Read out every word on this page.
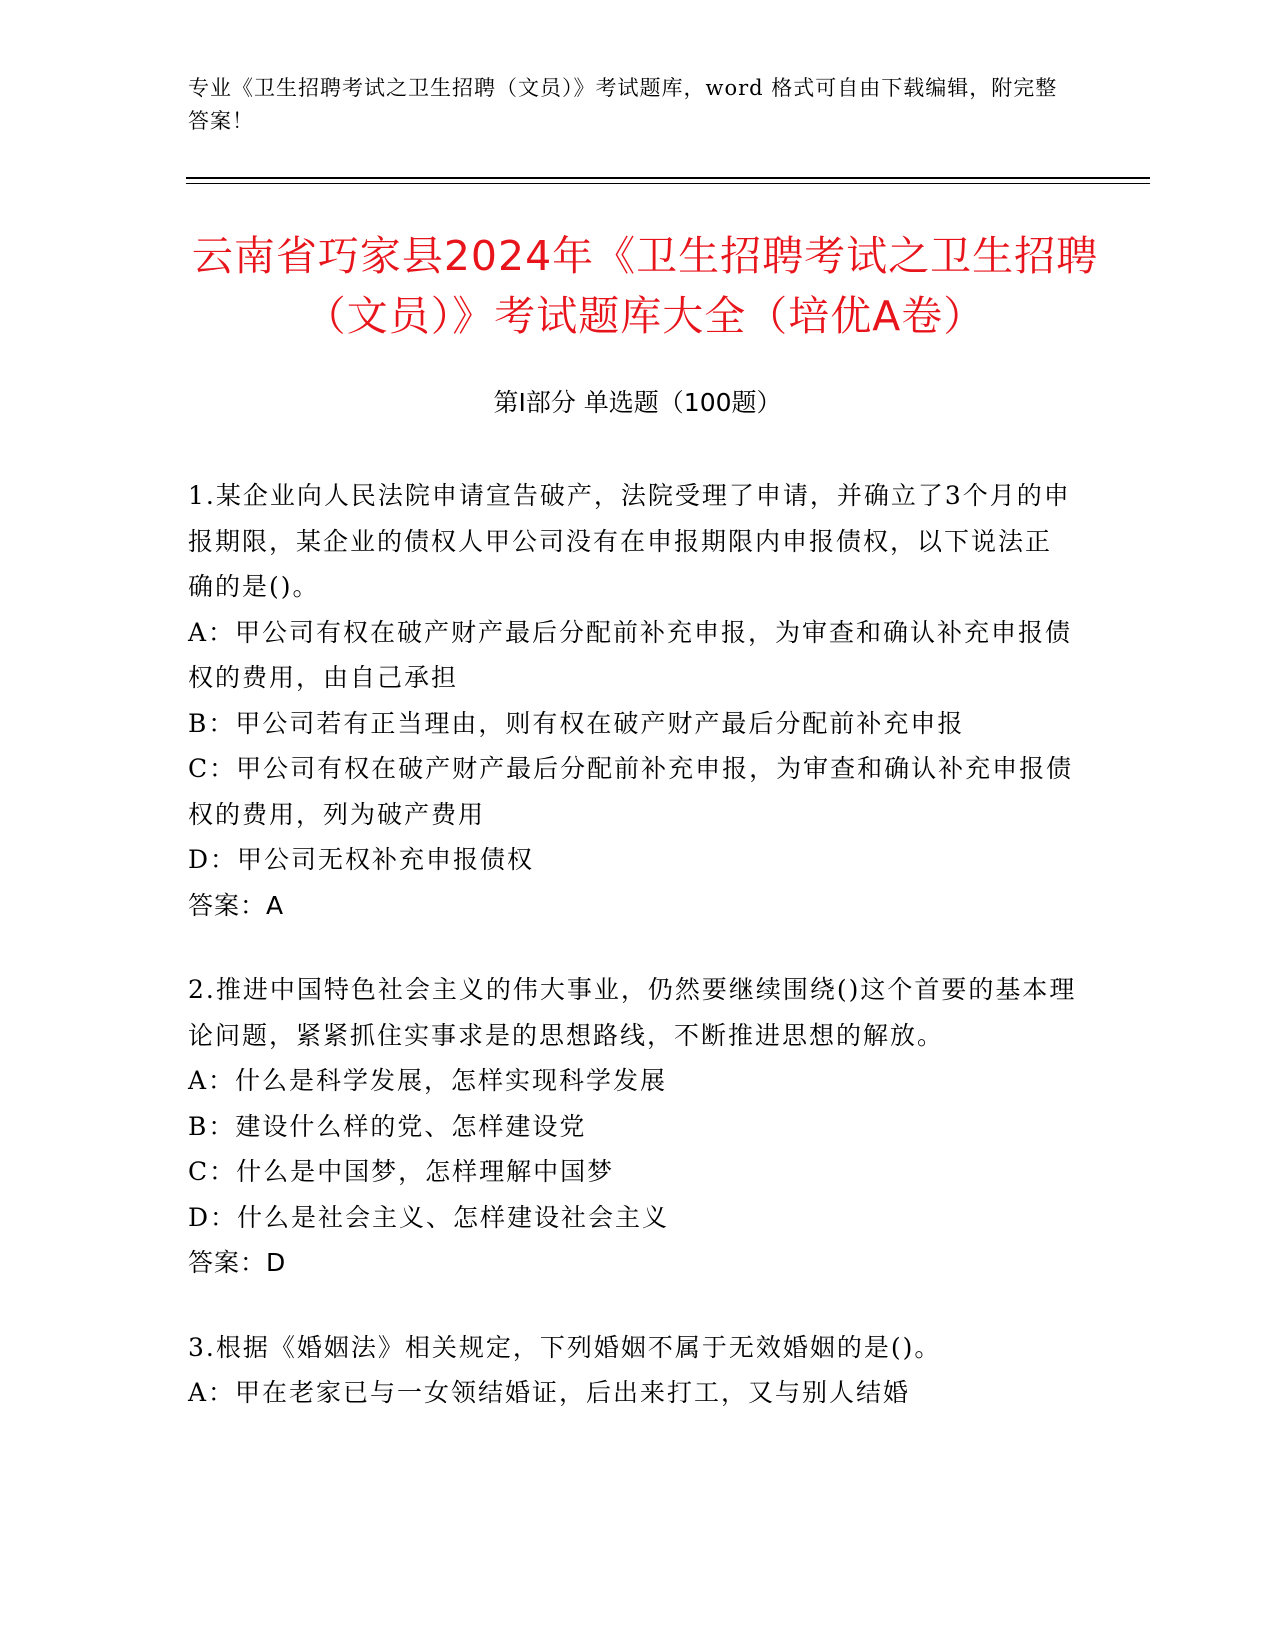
专业《卫生招聘考试之卫生招聘（文员）》考试题库，word 格式可自由下载编辑，附完整答案！
云南省巧家县2024年《卫生招聘考试之卫生招聘（文员）》考试题库大全（培优A卷）
第Ⅰ部分 单选题（100题）
1.某企业向人民法院申请宣告破产，法院受理了申请，并确立了3个月的申报期限，某企业的债权人甲公司没有在申报期限内申报债权，以下说法正确的是()。
A：甲公司有权在破产财产最后分配前补充申报，为审查和确认补充申报债权的费用，由自己承担
B：甲公司若有正当理由，则有权在破产财产最后分配前补充申报
C：甲公司有权在破产财产最后分配前补充申报，为审查和确认补充申报债权的费用，列为破产费用
D：甲公司无权补充申报债权
答案：A
2.推进中国特色社会主义的伟大事业，仍然要继续围绕()这个首要的基本理论问题，紧紧抓住实事求是的思想路线，不断推进思想的解放。
A：什么是科学发展，怎样实现科学发展
B：建设什么样的党、怎样建设党
C：什么是中国梦，怎样理解中国梦
D：什么是社会主义、怎样建设社会主义
答案：D
3.根据《婚姻法》相关规定，下列婚姻不属于无效婚姻的是()。
A：甲在老家已与一女领结婚证，后出来打工，又与别人结婚
